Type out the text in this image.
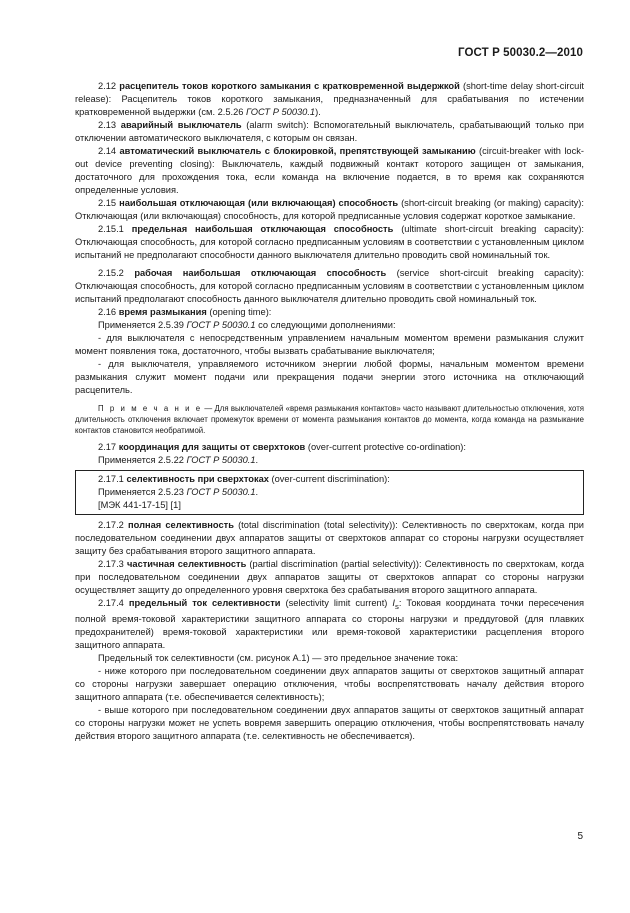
ГОСТ Р 50030.2—2010

2.12 расцепитель токов короткого замыкания с кратковременной выдержкой (short-time delay short-circuit release): Расцепитель токов короткого замыкания, предназначенный для срабатывания по истечении кратковременной выдержки (см. 2.5.26 ГОСТ Р 50030.1).

2.13 аварийный выключатель (alarm switch): Вспомогательный выключатель, срабатывающий только при отключении автоматического выключателя, с которым он связан.

2.14 автоматический выключатель с блокировкой, препятствующей замыканию (circuit-breaker with lock-out device preventing closing): Выключатель, каждый подвижный контакт которого защищен от замыкания, достаточного для прохождения тока, если команда на включение подается, в то время как сохраняются определенные условия.

2.15 наибольшая отключающая (или включающая) способность (short-circuit breaking (or making) capacity): Отключающая (или включающая) способность, для которой предписанные условия содержат короткое замыкание.

2.15.1 предельная наибольшая отключающая способность (ultimate short-circuit breaking capacity): Отключающая способность, для которой согласно предписанным условиям в соответствии с установленным циклом испытаний не предполагают способности данного выключателя длительно проводить свой номинальный ток.

2.15.2 рабочая наибольшая отключающая способность (service short-circuit breaking capacity): Отключающая способность, для которой согласно предписанным условиям в соответствии с установленным циклом испытаний предполагают способность данного выключателя длительно проводить свой номинальный ток.

2.16 время размыкания (opening time):

Применяется 2.5.39 ГОСТ Р 50030.1 со следующими дополнениями:

- для выключателя с непосредственным управлением начальным моментом времени размыкания служит момент появления тока, достаточного, чтобы вызвать срабатывание выключателя;

- для выключателя, управляемого источником энергии любой формы, начальным моментом времени размыкания служит момент подачи или прекращения подачи энергии этого источника на отключающий расцепитель.

П р и м е ч а н и е — Для выключателей «время размыкания контактов» часто называют длительностью отключения, хотя длительность отключения включает промежуток времени от момента размыкания контактов до момента, когда команда на размыкание контактов становится необратимой.

2.17 координация для защиты от сверхтоков (over-current protective co-ordination):

Применяется 2.5.22 ГОСТ Р 50030.1.

2.17.1 селективность при сверхтоках (over-current discrimination):

Применяется 2.5.23 ГОСТ Р 50030.1.

[МЭК 441-17-15] [1]

2.17.2 полная селективность (total discrimination (total selectivity)): Селективность по сверхтокам, когда при последовательном соединении двух аппаратов защиты от сверхтоков аппарат со стороны нагрузки осуществляет защиту без срабатывания второго защитного аппарата.

2.17.3 частичная селективность (partial discrimination (partial selectivity)): Селективность по сверхтокам, когда при последовательном соединении двух аппаратов защиты от сверхтоков аппарат со стороны нагрузки осуществляет защиту до определенного уровня сверхтока без срабатывания второго защитного аппарата.

2.17.4 предельный ток селективности (selectivity limit current) $I_s$: Токовая координата точки пересечения полной время-токовой характеристики защитного аппарата со стороны нагрузки и преддуговой (для плавких предохранителей) время-токовой характеристики или время-токовой характеристики расцепления второго защитного аппарата.

Предельный ток селективности (см. рисунок А.1) — это предельное значение тока:

- ниже которого при последовательном соединении двух аппаратов защиты от сверхтоков защитный аппарат со стороны нагрузки завершает операцию отключения, чтобы воспрепятствовать началу действия второго защитного аппарата (т.е. обеспечивается селективность);

- выше которого при последовательном соединении двух аппаратов защиты от сверхтоков защитный аппарат со стороны нагрузки может не успеть вовремя завершить операцию отключения, чтобы воспрепятствовать началу действия второго защитного аппарата (т.е. селективность не обеспечивается).

5
